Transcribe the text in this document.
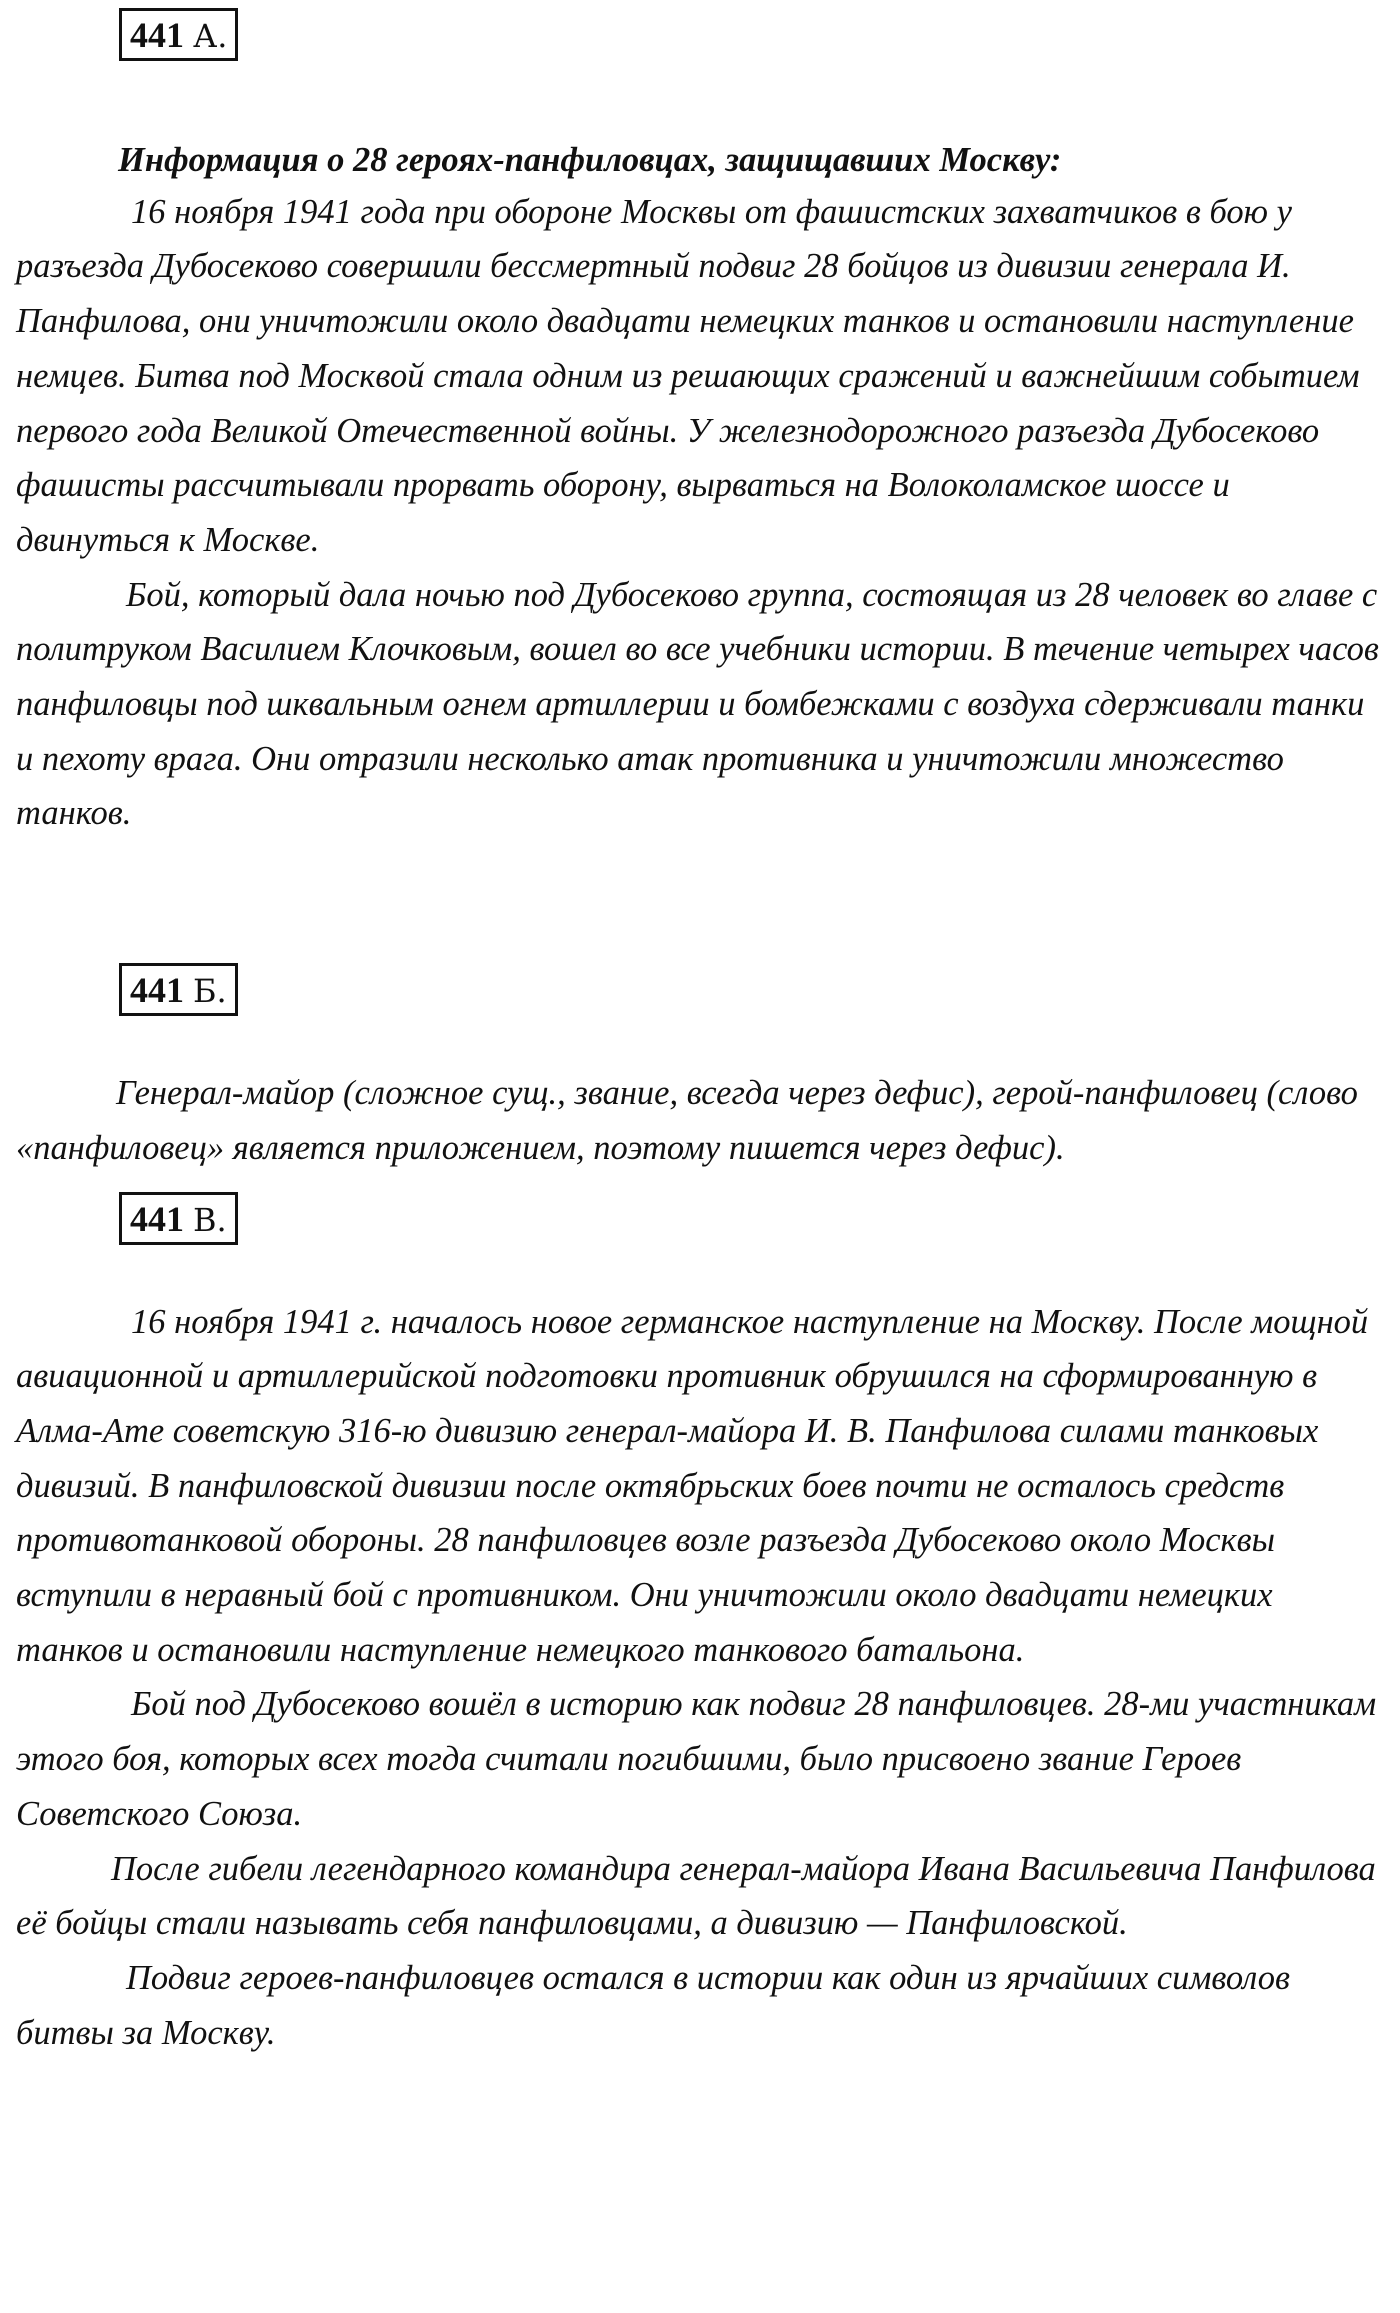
441 А.

Информация о 28 героях-панфиловцах, защищавших Москву:

16 ноября 1941 года при обороне Москвы от фашистских захватчиков в бою у разъезда Дубосеково совершили бессмертный подвиг 28 бойцов из дивизии генерала И. Панфилова, они уничтожили около двадцати немецких танков и остановили наступление немцев. Битва под Москвой стала одним из решающих сражений и важнейшим событием первого года Великой Отечественной войны. У железнодорожного разъезда Дубосеково фашисты рассчитывали прорвать оборону, вырваться на Волоколамское шоссе и двинуться к Москве.

Бой, который дала ночью под Дубосеково группа, состоящая из 28 человек во главе с политруком Василием Клочковым, вошел во все учебники истории. В течение четырех часов панфиловцы под шквальным огнем артиллерии и бомбежками с воздуха сдерживали танки и пехоту врага. Они отразили несколько атак противника и уничтожили множество танков.

441 Б.

Генерал-майор (сложное сущ., звание, всегда через дефис), герой-панфиловец (слово «панфиловец» является приложением, поэтому пишется через дефис).

441 В.

16 ноября 1941 г. началось новое германское наступление на Москву. После мощной авиационной и артиллерийской подготовки противник обрушился на сформированную в Алма-Ате советскую 316-ю дивизию генерал-майора И. В. Панфилова силами танковых дивизий. В панфиловской дивизии после октябрьских боев почти не осталось средств противотанковой обороны. 28 панфиловцев возле разъезда Дубосеково около Москвы вступили в неравный бой с противником. Они уничтожили около двадцати немецких танков и остановили наступление немецкого танкового батальона.

Бой под Дубосеково вошёл в историю как подвиг 28 панфиловцев. 28-ми участникам этого боя, которых всех тогда считали погибшими, было присвоено звание Героев Советского Союза.

После гибели легендарного командира генерал-майора Ивана Васильевича Панфилова её бойцы стали называть себя панфиловцами, а дивизию — Панфиловской.

Подвиг героев-панфиловцев остался в истории как один из ярчайших символов битвы за Москву.
